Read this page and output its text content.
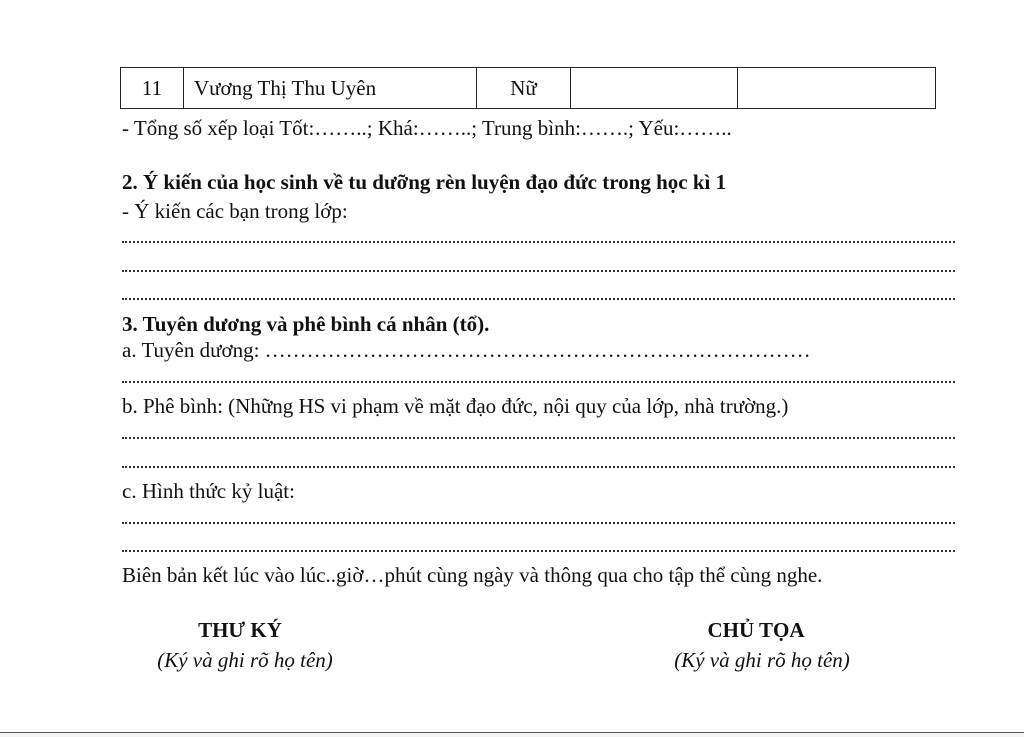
11	Vương Thị Thu Uyên	Nữ		
- Tổng số xếp loại Tốt:……..; Khá:……..; Trung bình:…….; Yếu:……..
2. Ý kiến của học sinh về tu dưỡng rèn luyện đạo đức trong học kì 1
- Ý kiến các bạn trong lớp:
3. Tuyên dương và phê bình cá nhân (tổ).
a. Tuyên dương: ……………………………………………………………………
b. Phê bình: (Những HS vi phạm về mặt đạo đức, nội quy của lớp, nhà trường.)
c. Hình thức kỷ luật:
Biên bản kết lúc vào lúc..giờ…phút cùng ngày và thông qua cho tập thể cùng nghe.
THƯ KÝ
(Ký và ghi rõ họ tên)
CHỦ TỌA
(Ký và ghi rõ họ tên)
